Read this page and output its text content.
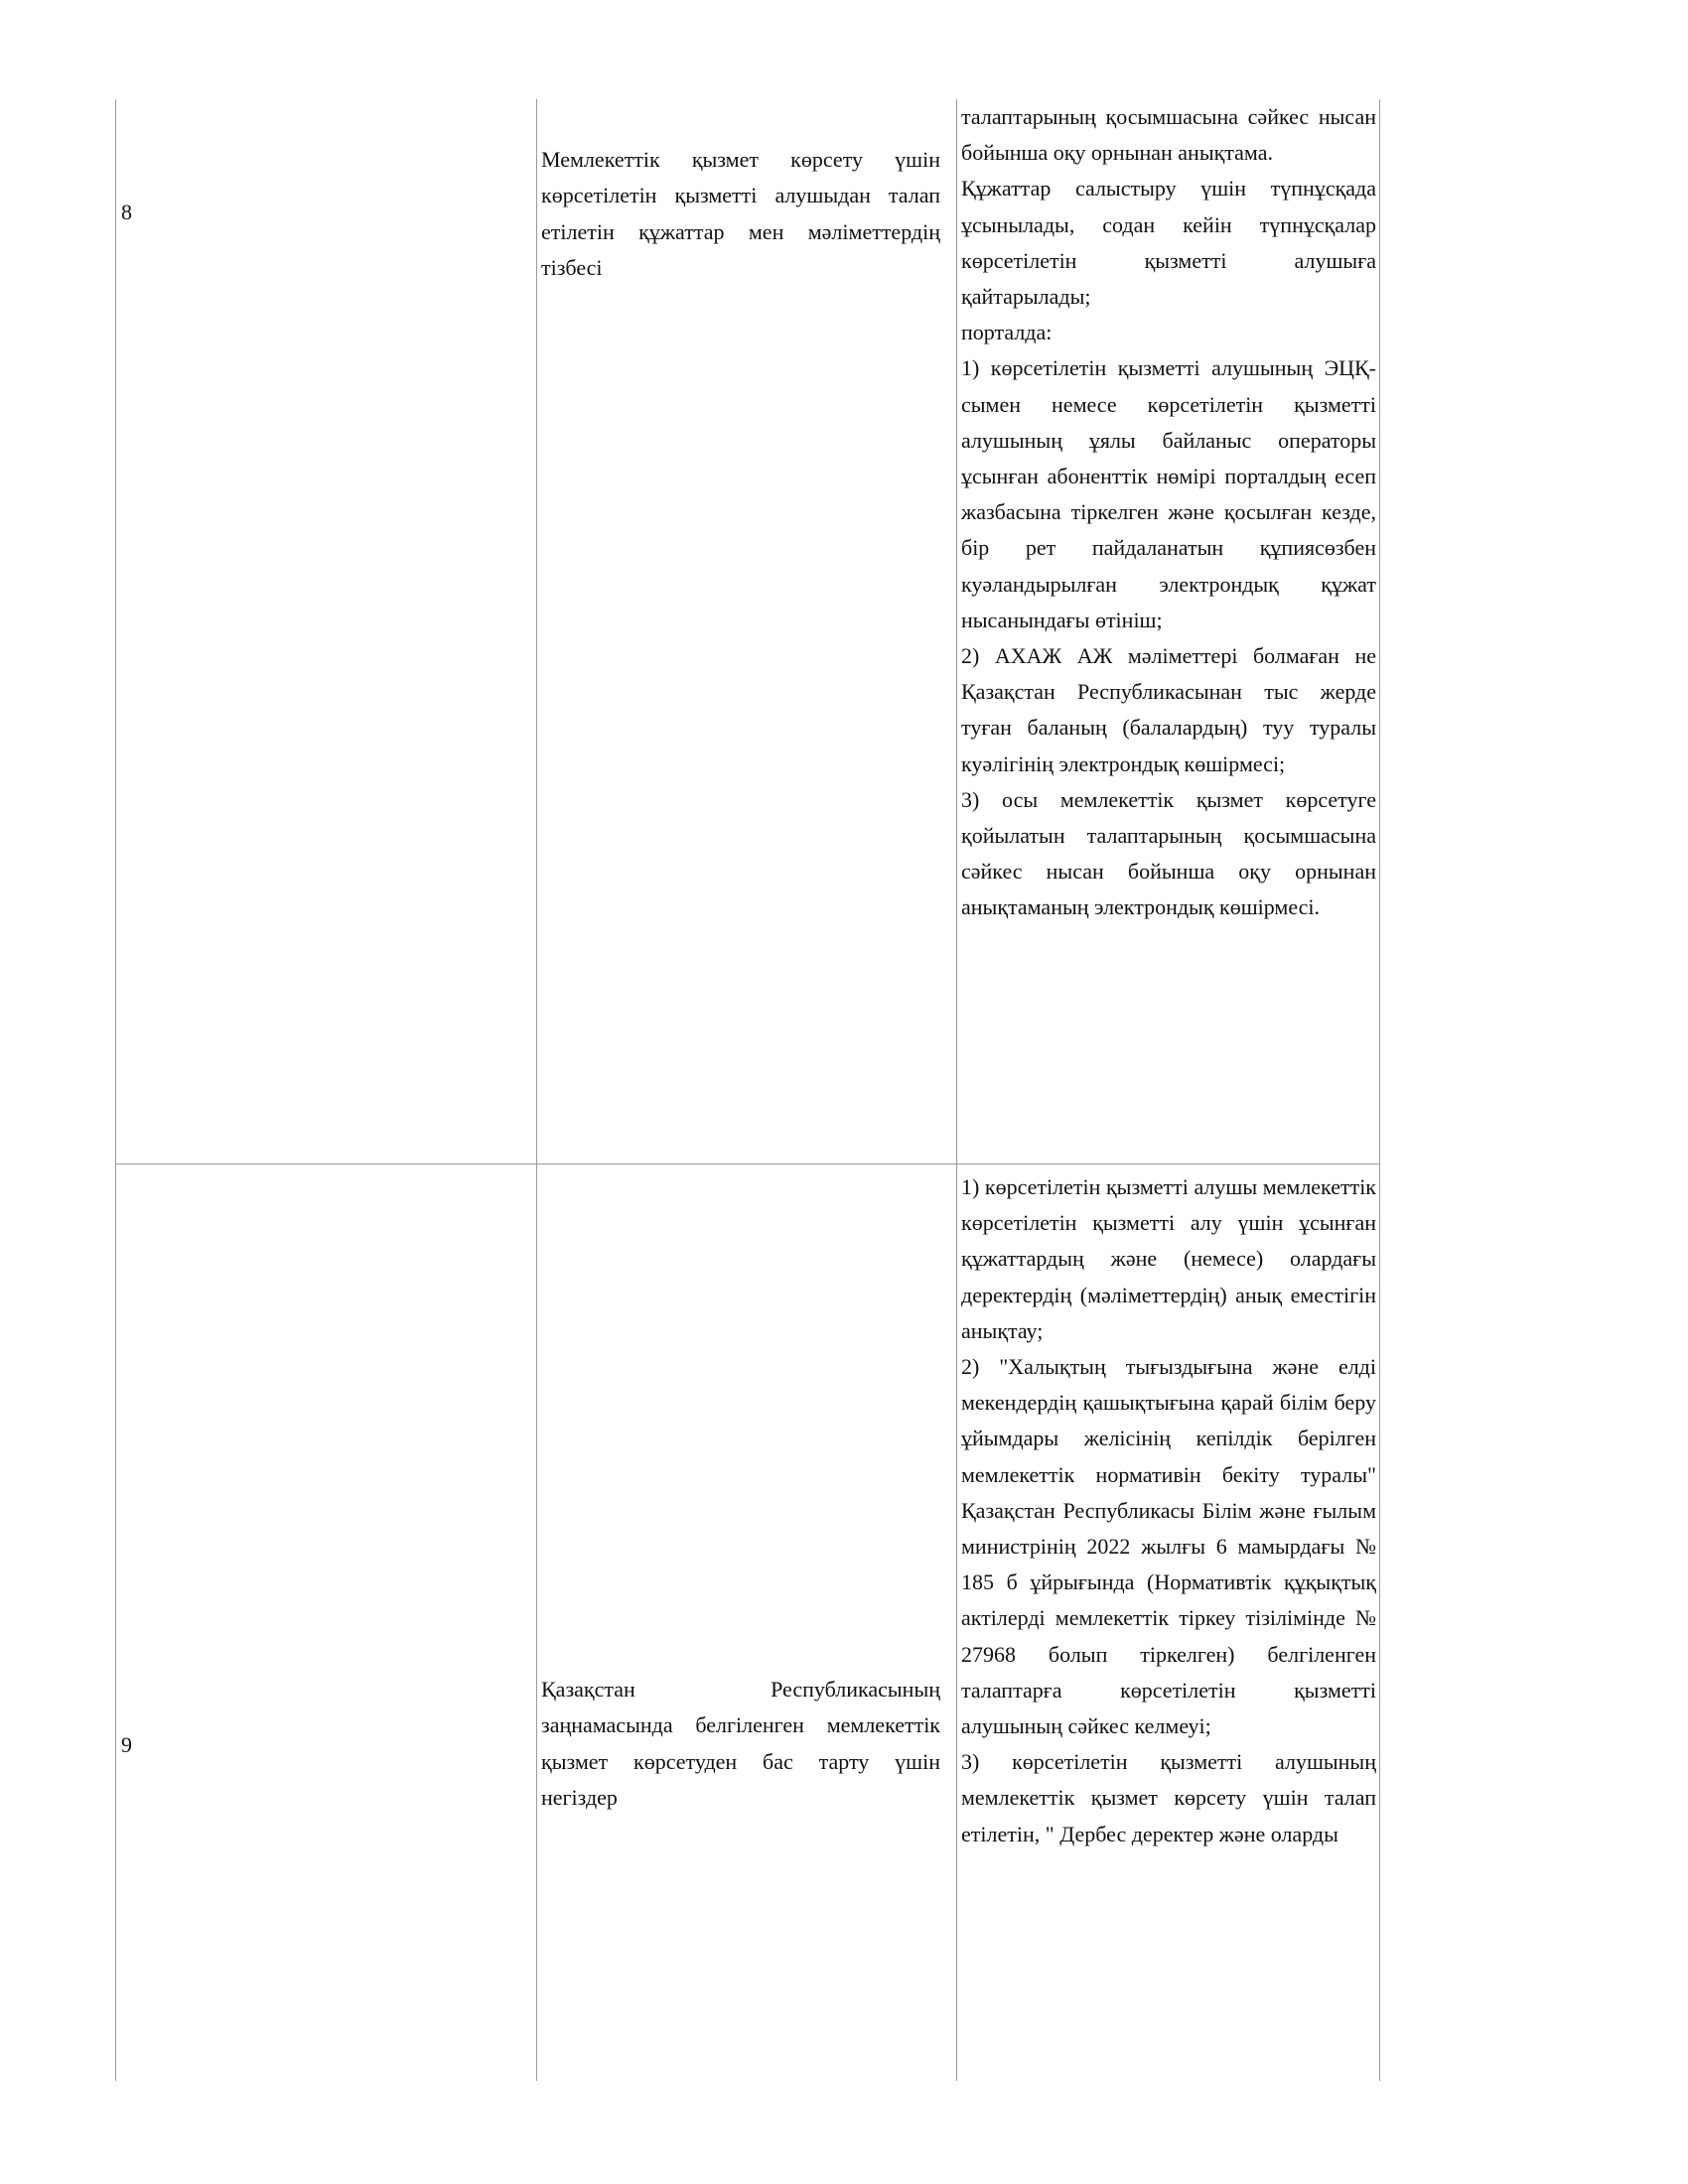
8
Мемлекеттік қызмет көрсету үшін көрсетілетін қызметті алушыдан талап етілетін құжаттар мен мәліметтердің тізбесі

талаптарының қосымшасына сәйкес нысан бойынша оқу орнынан анықтама.

Құжаттар салыстыру үшін түпнұсқада ұсынылады, содан кейін түпнұсқалар көрсетілетін қызметті алушыға қайтарылады;

порталда:

1) көрсетілетін қызметті алушының ЭЦҚ-сымен немесе көрсетілетін қызметті алушының ұялы байланыс операторы ұсынған абоненттік нөмірі порталдың есеп жазбасына тіркелген және қосылған кезде, бір рет пайдаланатын құпиясөзбен куәландырылған электрондық құжат нысанындағы өтініш;

2) АХАЖ АЖ мәліметтері болмаған не Қазақстан Республикасынан тыс жерде туған баланың (балалардың) туу туралы куәлігінің электрондық көшірмесі;

3) осы мемлекеттік қызмет көрсетуге қойылатын талаптарының қосымшасына сәйкес нысан бойынша оқу орнынан анықтаманың электрондық көшірмесі.

9
Қазақстан Республикасының заңнамасында белгіленген мемлекеттік қызмет көрсетуден бас тарту үшін негіздер

1) көрсетілетін қызметті алушы мемлекеттік көрсетілетін қызметті алу үшін ұсынған құжаттардың және (немесе) олардағы деректердің (мәліметтердің) анық еместігін анықтау;

2) "Халықтың тығыздығына және елді мекендердің қашықтығына қарай білім беру ұйымдары желісінің кепілдік берілген мемлекеттік нормативін бекіту туралы" Қазақстан Республикасы Білім және ғылым министрінің 2022 жылғы 6 мамырдағы № 185 б ұйрығында (Нормативтік құқықтық актілерді мемлекеттік тіркеу тізілімінде № 27968 болып тіркелген) белгіленген талаптарға көрсетілетін қызметті алушының сәйкес келмеуі;

3) көрсетілетін қызметті алушының мемлекеттік қызмет көрсету үшін талап етілетін, " Дербес деректер және оларды
